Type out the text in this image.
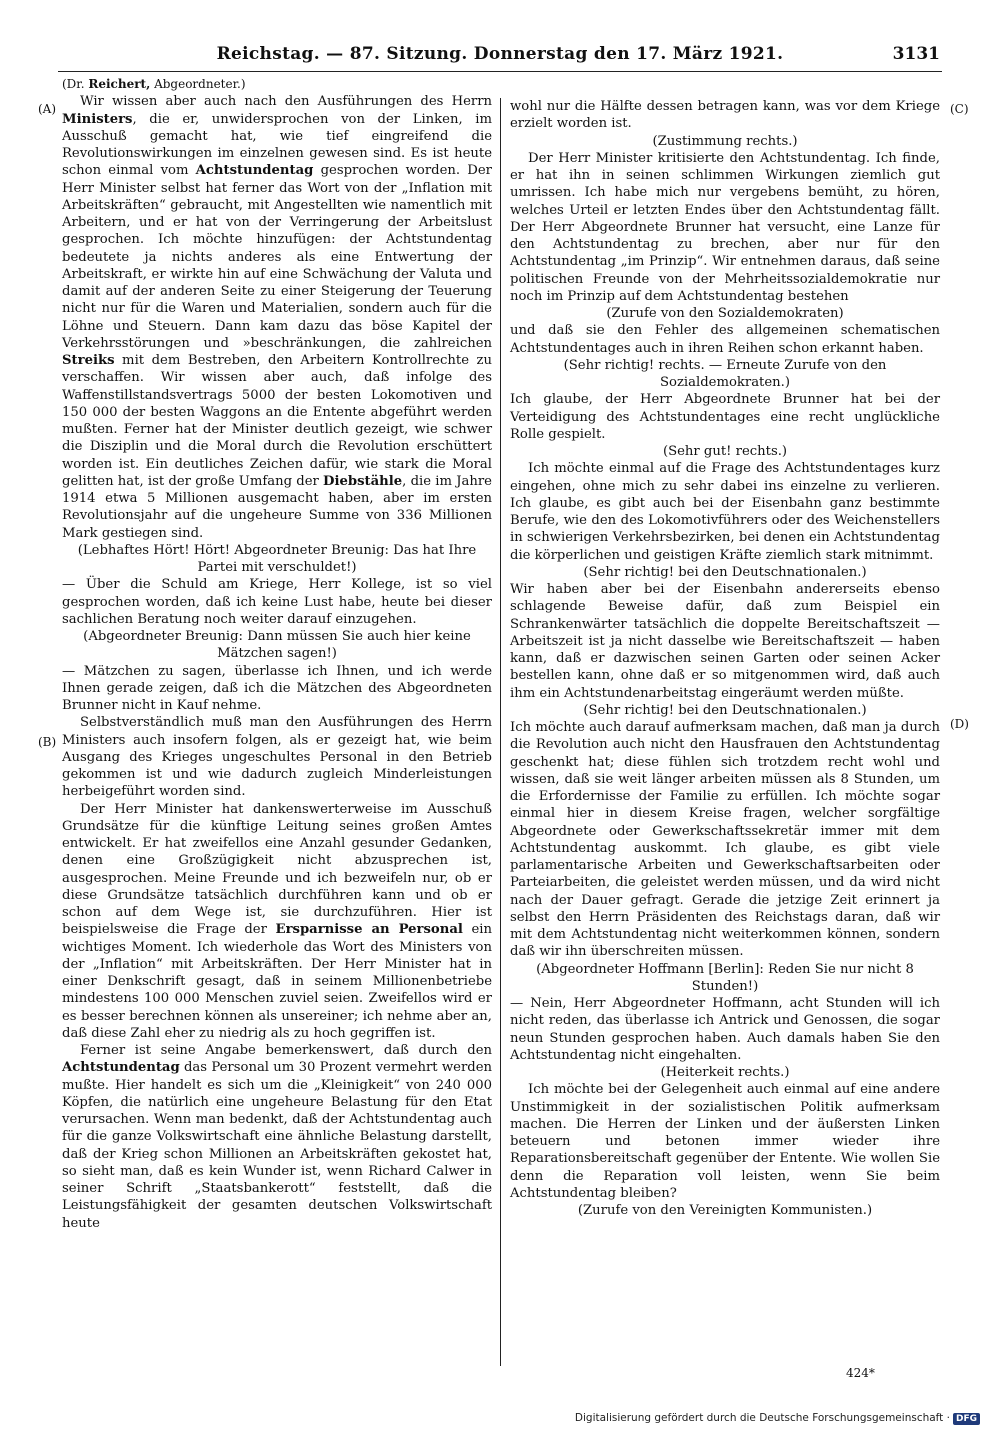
Reichstag. — 87. Sitzung. Donnerstag den 17. März 1921.	3131
(A)
(B)
(C)
(D)

(Dr. Reichert, Abgeordneter.)

Wir wissen aber auch nach den Ausführungen des Herrn Ministers, die er, unwidersprochen von der Linken, im Ausschuß gemacht hat, wie tief eingreifend die Revolutionswirkungen im einzelnen gewesen sind. Es ist heute schon einmal vom Achtstundentag gesprochen worden. Der Herr Minister selbst hat ferner das Wort von der „Inflation mit Arbeitskräften“ gebraucht, mit Angestellten wie namentlich mit Arbeitern, und er hat von der Verringerung der Arbeitslust gesprochen. Ich möchte hinzufügen: der Achtstundentag bedeutete ja nichts anderes als eine Entwertung der Arbeitskraft, er wirkte hin auf eine Schwächung der Valuta und damit auf der anderen Seite zu einer Steigerung der Teuerung nicht nur für die Waren und Materialien, sondern auch für die Löhne und Steuern. Dann kam dazu das böse Kapitel der Verkehrsstörungen und »beschränkungen, die zahlreichen Streiks mit dem Bestreben, den Arbeitern Kontrollrechte zu verschaffen. Wir wissen aber auch, daß infolge des Waffenstillstandsvertrags 5000 der besten Lokomotiven und 150 000 der besten Waggons an die Entente abgeführt werden mußten. Ferner hat der Minister deutlich gezeigt, wie schwer die Disziplin und die Moral durch die Revolution erschüttert worden ist. Ein deutliches Zeichen dafür, wie stark die Moral gelitten hat, ist der große Umfang der Diebstähle, die im Jahre 1914 etwa 5 Millionen ausgemacht haben, aber im ersten Revolutionsjahr auf die ungeheure Summe von 336 Millionen Mark gestiegen sind.

(Lebhaftes Hört! Hört! Abgeordneter Breunig: Das hat Ihre Partei mit verschuldet!)

— Über die Schuld am Kriege, Herr Kollege, ist so viel gesprochen worden, daß ich keine Lust habe, heute bei dieser sachlichen Beratung noch weiter darauf einzugehen.

(Abgeordneter Breunig: Dann müssen Sie auch hier keine Mätzchen sagen!)

— Mätzchen zu sagen, überlasse ich Ihnen, und ich werde Ihnen gerade zeigen, daß ich die Mätzchen des Abgeordneten Brunner nicht in Kauf nehme.

Selbstverständlich muß man den Ausführungen des Herrn Ministers auch insofern folgen, als er gezeigt hat, wie beim Ausgang des Krieges ungeschultes Personal in den Betrieb gekommen ist und wie dadurch zugleich Minderleistungen herbeigeführt worden sind.

Der Herr Minister hat dankenswerterweise im Ausschuß Grundsätze für die künftige Leitung seines großen Amtes entwickelt. Er hat zweifellos eine Anzahl gesunder Gedanken, denen eine Großzügigkeit nicht abzusprechen ist, ausgesprochen. Meine Freunde und ich bezweifeln nur, ob er diese Grundsätze tatsächlich durchführen kann und ob er schon auf dem Wege ist, sie durchzuführen. Hier ist beispielsweise die Frage der Ersparnisse an Personal ein wichtiges Moment. Ich wiederhole das Wort des Ministers von der „Inflation“ mit Arbeitskräften. Der Herr Minister hat in einer Denkschrift gesagt, daß in seinem Millionenbetriebe mindestens 100 000 Menschen zuviel seien. Zweifellos wird er es besser berechnen können als unsereiner; ich nehme aber an, daß diese Zahl eher zu niedrig als zu hoch gegriffen ist.

Ferner ist seine Angabe bemerkenswert, daß durch den Achtstundentag das Personal um 30 Prozent vermehrt werden mußte. Hier handelt es sich um die „Kleinigkeit“ von 240 000 Köpfen, die natürlich eine ungeheure Belastung für den Etat verursachen. Wenn man bedenkt, daß der Achtstundentag auch für die ganze Volkswirtschaft eine ähnliche Belastung darstellt, daß der Krieg schon Millionen an Arbeitskräften gekostet hat, so sieht man, daß es kein Wunder ist, wenn Richard Calwer in seiner Schrift „Staatsbankerott“ feststellt, daß die Leistungsfähigkeit der gesamten deutschen Volkswirtschaft heute

wohl nur die Hälfte dessen betragen kann, was vor dem Kriege erzielt worden ist.

(Zustimmung rechts.)

Der Herr Minister kritisierte den Achtstundentag. Ich finde, er hat ihn in seinen schlimmen Wirkungen ziemlich gut umrissen. Ich habe mich nur vergebens bemüht, zu hören, welches Urteil er letzten Endes über den Achtstundentag fällt. Der Herr Abgeordnete Brunner hat versucht, eine Lanze für den Achtstundentag zu brechen, aber nur für den Achtstundentag „im Prinzip“. Wir entnehmen daraus, daß seine politischen Freunde von der Mehrheitssozialdemokratie nur noch im Prinzip auf dem Achtstundentag bestehen

(Zurufe von den Sozialdemokraten)

und daß sie den Fehler des allgemeinen schematischen Achtstundentages auch in ihren Reihen schon erkannt haben.

(Sehr richtig! rechts. — Erneute Zurufe von den Sozialdemokraten.)

Ich glaube, der Herr Abgeordnete Brunner hat bei der Verteidigung des Achtstundentages eine recht unglückliche Rolle gespielt.

(Sehr gut! rechts.)

Ich möchte einmal auf die Frage des Achtstundentages kurz eingehen, ohne mich zu sehr dabei ins einzelne zu verlieren. Ich glaube, es gibt auch bei der Eisenbahn ganz bestimmte Berufe, wie den des Lokomotivführers oder des Weichenstellers in schwierigen Verkehrsbezirken, bei denen ein Achtstundentag die körperlichen und geistigen Kräfte ziemlich stark mitnimmt.

(Sehr richtig! bei den Deutschnationalen.)

Wir haben aber bei der Eisenbahn andererseits ebenso schlagende Beweise dafür, daß zum Beispiel ein Schrankenwärter tatsächlich die doppelte Bereitschaftszeit — Arbeitszeit ist ja nicht dasselbe wie Bereitschaftszeit — haben kann, daß er dazwischen seinen Garten oder seinen Acker bestellen kann, ohne daß er so mitgenommen wird, daß auch ihm ein Achtstundenarbeitstag eingeräumt werden müßte.

(Sehr richtig! bei den Deutschnationalen.)

Ich möchte auch darauf aufmerksam machen, daß man ja durch die Revolution auch nicht den Hausfrauen den Achtstundentag geschenkt hat; diese fühlen sich trotzdem recht wohl und wissen, daß sie weit länger arbeiten müssen als 8 Stunden, um die Erfordernisse der Familie zu erfüllen. Ich möchte sogar einmal hier in diesem Kreise fragen, welcher sorgfältige Abgeordnete oder Gewerkschaftssekretär immer mit dem Achtstundentag auskommt. Ich glaube, es gibt viele parlamentarische Arbeiten und Gewerkschaftsarbeiten oder Parteiarbeiten, die geleistet werden müssen, und da wird nicht nach der Dauer gefragt. Gerade die jetzige Zeit erinnert ja selbst den Herrn Präsidenten des Reichstags daran, daß wir mit dem Achtstundentag nicht weiterkommen können, sondern daß wir ihn überschreiten müssen.

(Abgeordneter Hoffmann [Berlin]: Reden Sie nur nicht 8 Stunden!)

— Nein, Herr Abgeordneter Hoffmann, acht Stunden will ich nicht reden, das überlasse ich Antrick und Genossen, die sogar neun Stunden gesprochen haben. Auch damals haben Sie den Achtstundentag nicht eingehalten.

(Heiterkeit rechts.)

Ich möchte bei der Gelegenheit auch einmal auf eine andere Unstimmigkeit in der sozialistischen Politik aufmerksam machen. Die Herren der Linken und der äußersten Linken beteuern und betonen immer wieder ihre Reparationsbereitschaft gegenüber der Entente. Wie wollen Sie denn die Reparation voll leisten, wenn Sie beim Achtstundentag bleiben?

(Zurufe von den Vereinigten Kommunisten.)

424*
Digitalisierung gefördert durch die Deutsche Forschungsgemeinschaft · DFG
